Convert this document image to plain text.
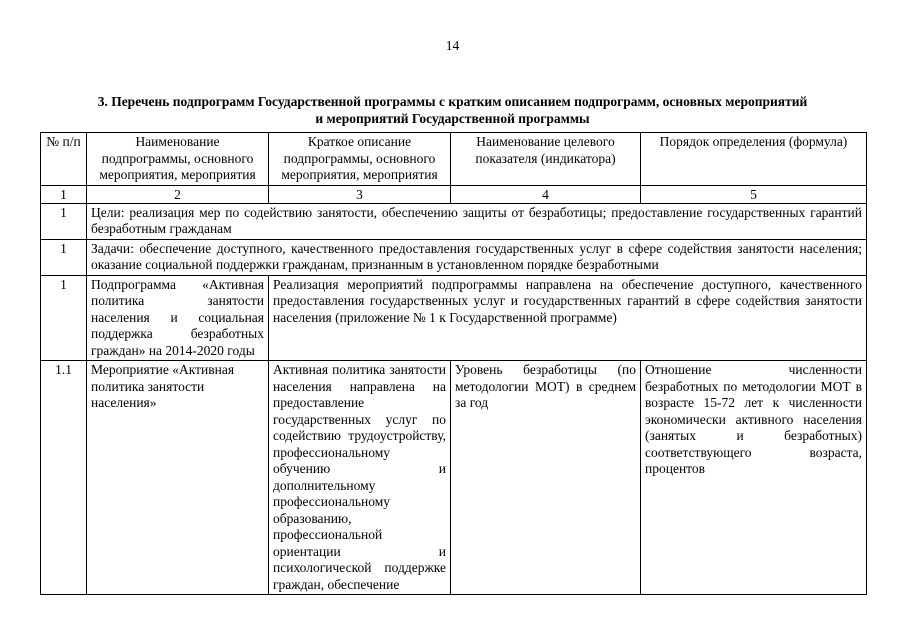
14
3. Перечень подпрограмм Государственной программы с кратким описанием подпрограмм, основных мероприятий
и мероприятий Государственной программы
№ п/п	Наименование подпрограммы, основного мероприятия, мероприятия	Краткое описание подпрограммы, основного мероприятия, мероприятия	Наименование целевого показателя (индикатора)	Порядок определения (формула)
1	2	3	4	5
1	Цели: реализация мер по содействию занятости, обеспечению защиты от безработицы; предоставление государственных гарантий безработным гражданам			
1	Задачи: обеспечение доступного, качественного предоставления государственных услуг в сфере содействия занятости населения; оказание социальной поддержки гражданам, признанным в установленном порядке безработными			
1	Подпрограмма «Активная политика занятости населения и социальная поддержка безработных граждан» на 2014-2020 годы	Реализация мероприятий подпрограммы направлена на обеспечение доступного, качественного предоставления государственных услуг и государственных гарантий в сфере содействия занятости населения (приложение № 1 к Государственной программе)		
1.1	Мероприятие «Активная политика занятости населения»	Активная политика занятости населения направлена на предоставление государственных услуг по содействию трудоустройству, профессиональному обучению и дополнительному профессиональному образованию, профессиональной ориентации и психологической поддержке граждан, обеспечение	Уровень безработицы (по методологии МОТ) в среднем за год	Отношение численности безработных по методологии МОТ в возрасте 15-72 лет к численности экономически активного населения (занятых и безработных) соответствующего возраста, процентов
